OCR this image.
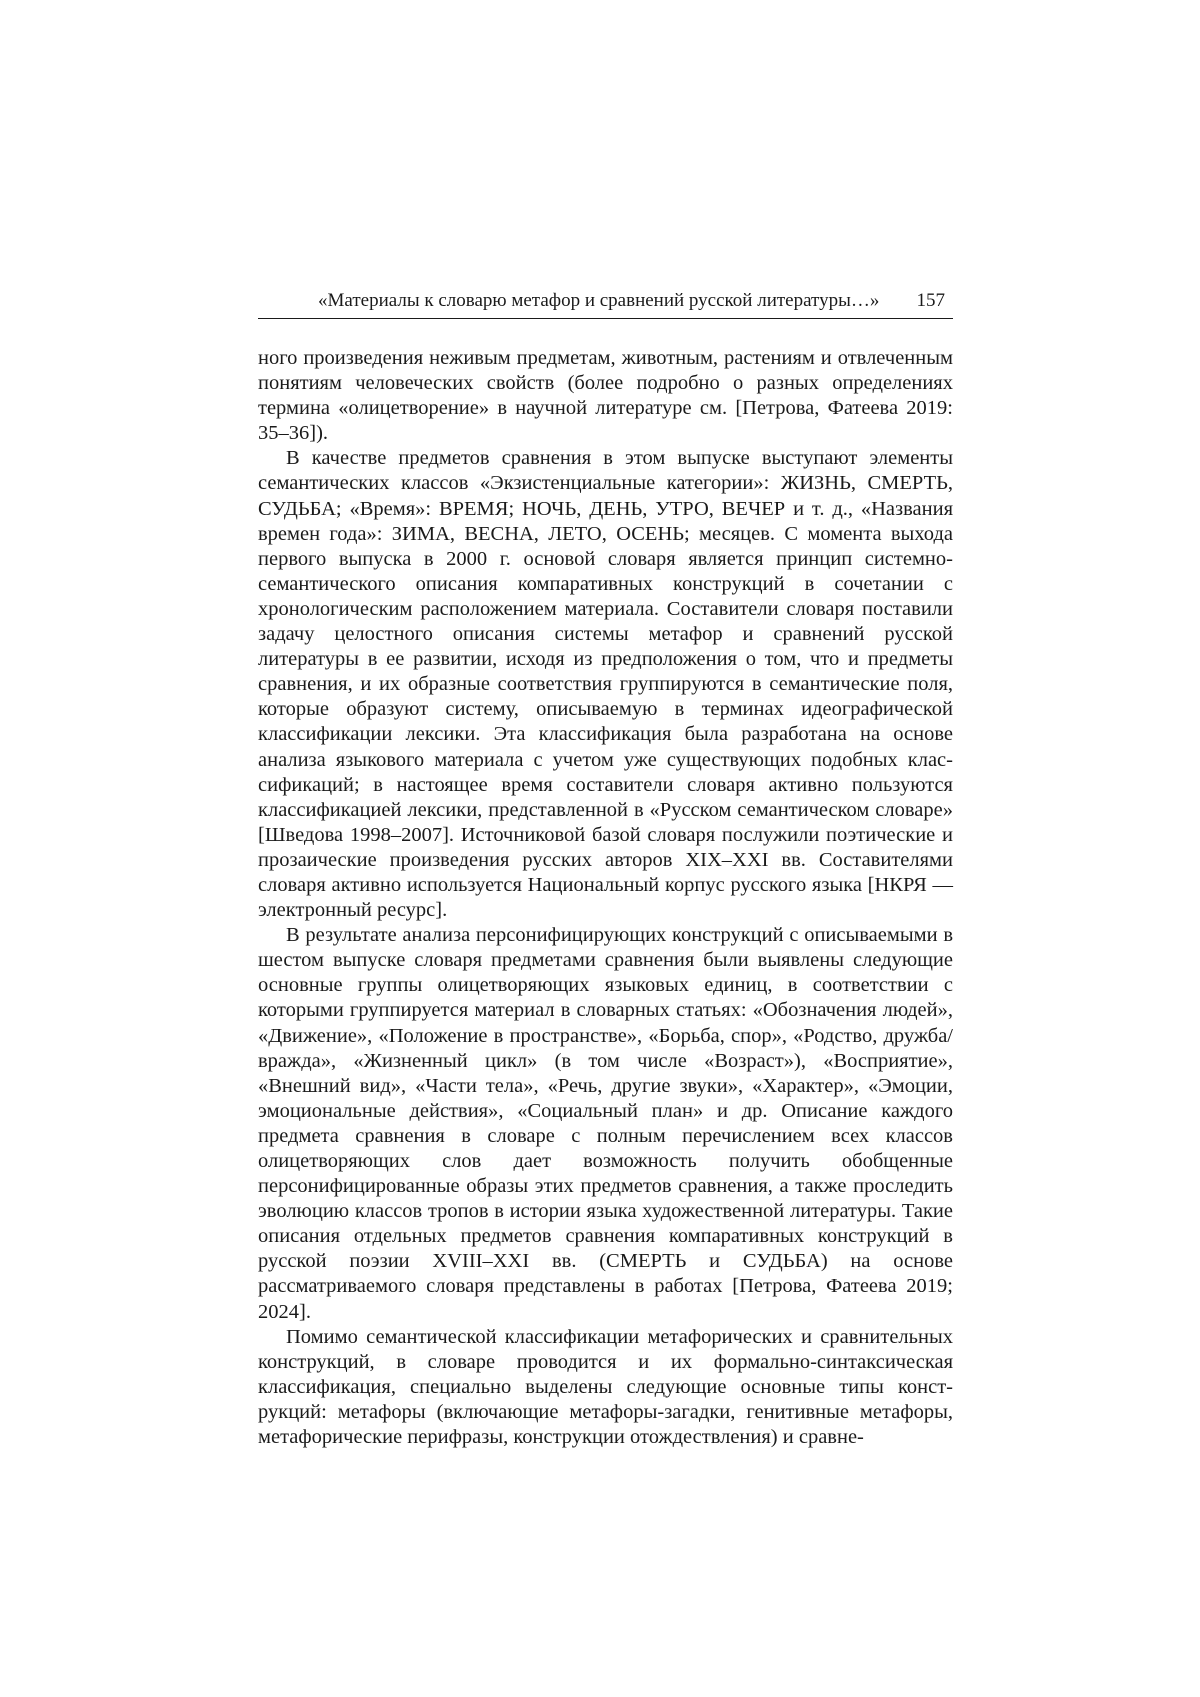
«Материалы к словарю метафор и сравнений русской литературы…» 157

ного произведения неживым предметам, животным, растениям и отвлеченным понятиям человеческих свойств (более подробно о разных определениях термина «олицетворение» в научной литературе см. [Петрова, Фатеева 2019: 35–36]).

В качестве предметов сравнения в этом выпуске выступают элементы семантических классов «Экзистенциальные категории»: ЖИЗНЬ, СМЕРТЬ, СУДЬБА; «Время»: ВРЕМЯ; НОЧЬ, ДЕНЬ, УТРО, ВЕЧЕР и т. д., «Названия времен года»: ЗИМА, ВЕСНА, ЛЕТО, ОСЕНЬ; месяцев. С момента выхода первого выпуска в 2000 г. основой словаря является принцип системно-семантического описания компаративных конструкций в сочетании с хронологическим расположением материала. Составители словаря поставили задачу целостного описания системы метафор и сравнений русской литературы в ее развитии, исходя из предположения о том, что и предметы сравнения, и их образные соответствия группируются в семантические поля, которые образуют систему, описываемую в терминах идеографической классификации лексики. Эта классификация была разработана на основе анализа языкового материала с учетом уже существующих подобных классификаций; в настоящее время составители словаря активно пользуются классификацией лексики, представленной в «Русском семантическом словаре» [Шведова 1998–2007]. Источниковой базой словаря послужили поэтические и прозаические произведения русских авторов XIX–XXI вв. Составителями словаря активно используется Национальный корпус русского языка [НКРЯ — электронный ресурс].

В результате анализа персонифицирующих конструкций с описываемыми в шестом выпуске словаря предметами сравнения были выявлены следующие основные группы олицетворяющих языковых единиц, в соответствии с которыми группируется материал в словарных статьях: «Обозначения людей», «Движение», «Положение в пространстве», «Борьба, спор», «Родство, дружба/вражда», «Жизненный цикл» (в том числе «Возраст»), «Восприятие», «Внешний вид», «Части тела», «Речь, другие звуки», «Характер», «Эмоции, эмоциональные действия», «Социальный план» и др. Описание каждого предмета сравнения в словаре с полным перечислением всех классов олицетворяющих слов дает возможность получить обобщенные персонифицированные образы этих предметов сравнения, а также проследить эволюцию классов тропов в истории языка художественной литературы. Такие описания отдельных предметов сравнения компаративных конструкций в русской поэзии XVIII–XXI вв. (СМЕРТЬ и СУДЬБА) на основе рассматриваемого словаря представлены в работах [Петрова, Фатеева 2019; 2024].

Помимо семантической классификации метафорических и сравнительных конструкций, в словаре проводится и их формально-синтаксическая классификация, специально выделены следующие основные типы конструкций: метафоры (включающие метафоры-загадки, генитивные метафоры, метафорические перифразы, конструкции отождествления) и сравне-
